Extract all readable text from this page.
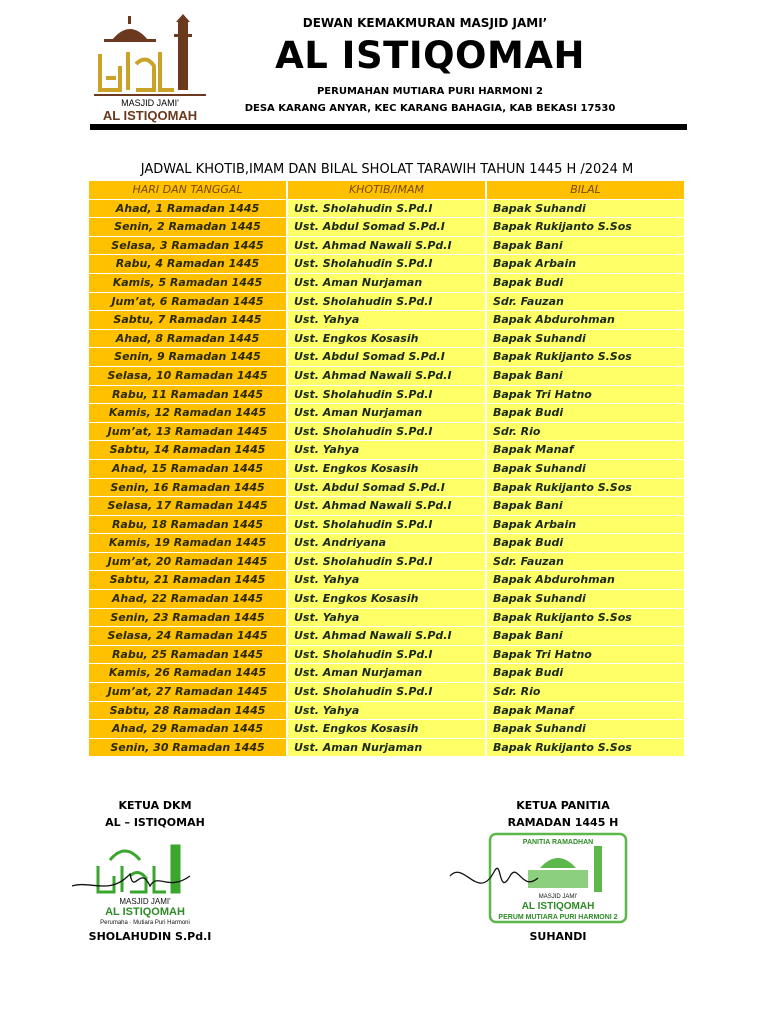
MASJID JAMI'
AL ISTIQOMAH
DEWAN KEMAKMURAN MASJID JAMI’
AL ISTIQOMAH
PERUMAHAN MUTIARA PURI HARMONI 2
DESA KARANG ANYAR, KEC KARANG BAHAGIA, KAB BEKASI 17530
JADWAL KHOTIB,IMAM DAN BILAL SHOLAT TARAWIH TAHUN 1445 H /2024 M
HARI DAN TANGGAL	KHOTIB/IMAM	BILAL
Ahad, 1 Ramadan 1445	Ust. Sholahudin S.Pd.I	Bapak Suhandi
Senin, 2 Ramadan 1445	Ust. Abdul Somad S.Pd.I	Bapak Rukijanto S.Sos
Selasa, 3 Ramadan 1445	Ust. Ahmad Nawali S.Pd.I	Bapak Bani
Rabu, 4 Ramadan 1445	Ust. Sholahudin S.Pd.I	Bapak Arbain
Kamis, 5 Ramadan 1445	Ust. Aman Nurjaman	Bapak Budi
Jum’at, 6 Ramadan 1445	Ust. Sholahudin S.Pd.I	Sdr. Fauzan
Sabtu, 7 Ramadan 1445	Ust. Yahya	Bapak Abdurohman
Ahad, 8 Ramadan 1445	Ust. Engkos Kosasih	Bapak Suhandi
Senin, 9 Ramadan 1445	Ust. Abdul Somad S.Pd.I	Bapak Rukijanto S.Sos
Selasa, 10 Ramadan 1445	Ust. Ahmad Nawali S.Pd.I	Bapak Bani
Rabu, 11 Ramadan 1445	Ust. Sholahudin S.Pd.I	Bapak Tri Hatno
Kamis, 12 Ramadan 1445	Ust. Aman Nurjaman	Bapak Budi
Jum’at, 13 Ramadan 1445	Ust. Sholahudin S.Pd.I	Sdr. Rio
Sabtu, 14 Ramadan 1445	Ust. Yahya	Bapak Manaf
Ahad, 15 Ramadan 1445	Ust. Engkos Kosasih	Bapak Suhandi
Senin, 16 Ramadan 1445	Ust. Abdul Somad S.Pd.I	Bapak Rukijanto S.Sos
Selasa, 17 Ramadan 1445	Ust. Ahmad Nawali S.Pd.I	Bapak Bani
Rabu, 18 Ramadan 1445	Ust. Sholahudin S.Pd.I	Bapak Arbain
Kamis, 19 Ramadan 1445	Ust. Andriyana	Bapak Budi
Jum’at, 20 Ramadan 1445	Ust. Sholahudin S.Pd.I	Sdr. Fauzan
Sabtu, 21 Ramadan 1445	Ust. Yahya	Bapak Abdurohman
Ahad, 22 Ramadan 1445	Ust. Engkos Kosasih	Bapak Suhandi
Senin, 23 Ramadan 1445	Ust. Yahya	Bapak Rukijanto S.Sos
Selasa, 24 Ramadan 1445	Ust. Ahmad Nawali S.Pd.I	Bapak Bani
Rabu, 25 Ramadan 1445	Ust. Sholahudin S.Pd.I	Bapak Tri Hatno
Kamis, 26 Ramadan 1445	Ust. Aman Nurjaman	Bapak Budi
Jum’at, 27 Ramadan 1445	Ust. Sholahudin S.Pd.I	Sdr. Rio
Sabtu, 28 Ramadan 1445	Ust. Yahya	Bapak Manaf
Ahad, 29 Ramadan 1445	Ust. Engkos Kosasih	Bapak Suhandi
Senin, 30 Ramadan 1445	Ust. Aman Nurjaman	Bapak Rukijanto S.Sos
KETUA DKM
AL – ISTIQOMAH
KETUA PANITIA
RAMADAN 1445 H
MASJID JAMI'
AL ISTIQOMAH
Perumaha · Mutiara Puri Harmoni
PANITIA RAMADHAN
MASJID JAMI'
AL ISTIQOMAH
PERUM MUTIARA PURI HARMONI 2
SHOLAHUDIN S.Pd.I	SUHANDI
